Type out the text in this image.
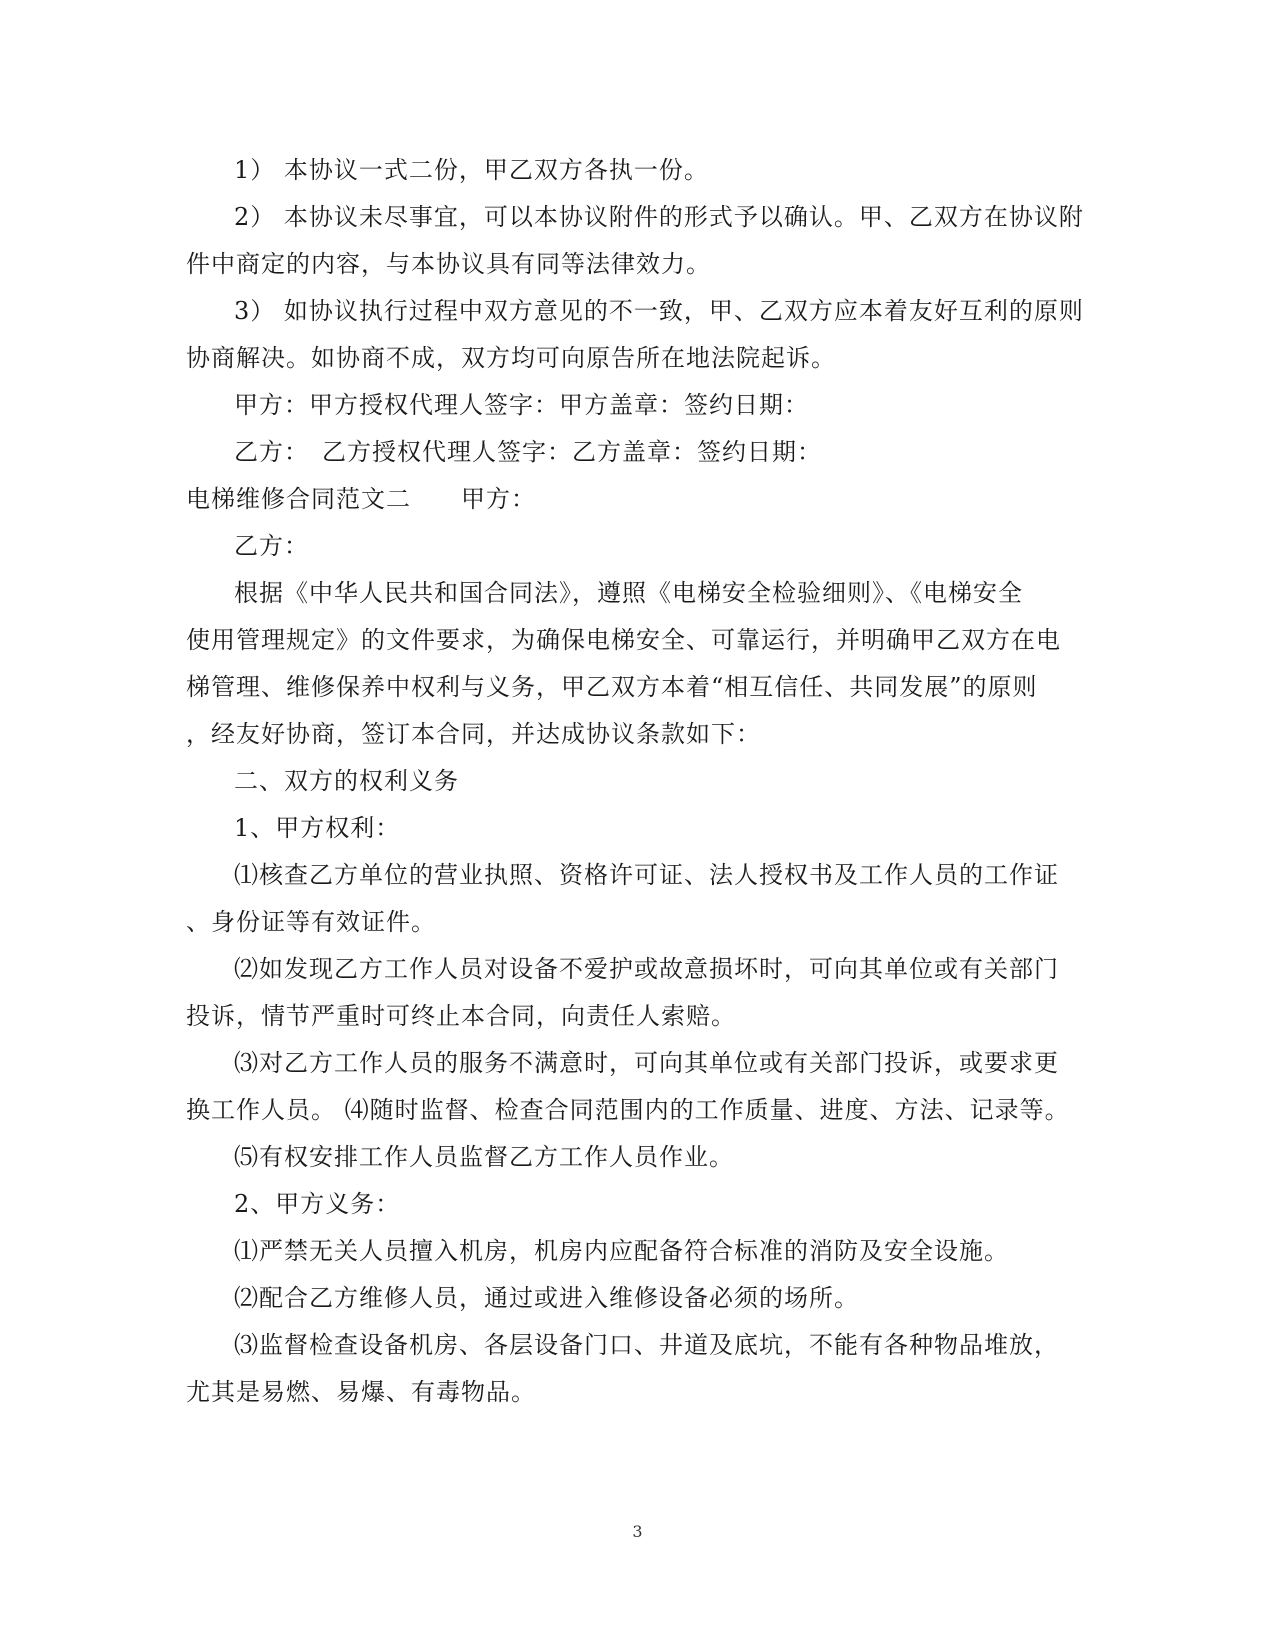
1） 本协议一式二份，甲乙双方各执一份。
2） 本协议未尽事宜，可以本协议附件的形式予以确认。甲、乙双方在协议附
件中商定的内容，与本协议具有同等法律效力。
3） 如协议执行过程中双方意见的不一致，甲、乙双方应本着友好互利的原则
协商解决。如协商不成，双方均可向原告所在地法院起诉。
甲方：甲方授权代理人签字：甲方盖章：签约日期：
乙方：　乙方授权代理人签字：乙方盖章：签约日期：
电梯维修合同范文二　　甲方：
乙方：
根据《中华人民共和国合同法》，遵照《电梯安全检验细则》、《电梯安全
使用管理规定》的文件要求，为确保电梯安全、可靠运行，并明确甲乙双方在电
梯管理、维修保养中权利与义务，甲乙双方本着“相互信任、共同发展”的原则
，经友好协商，签订本合同，并达成协议条款如下：
二、双方的权利义务
1、甲方权利：
⑴核查乙方单位的营业执照、资格许可证、法人授权书及工作人员的工作证
、身份证等有效证件。
⑵如发现乙方工作人员对设备不爱护或故意损坏时，可向其单位或有关部门
投诉，情节严重时可终止本合同，向责任人索赔。
⑶对乙方工作人员的服务不满意时，可向其单位或有关部门投诉，或要求更
换工作人员。 ⑷随时监督、检查合同范围内的工作质量、进度、方法、记录等。
⑸有权安排工作人员监督乙方工作人员作业。
2、甲方义务：
⑴严禁无关人员擅入机房，机房内应配备符合标准的消防及安全设施。
⑵配合乙方维修人员，通过或进入维修设备必须的场所。
⑶监督检查设备机房、各层设备门口、井道及底坑，不能有各种物品堆放，
尤其是易燃、易爆、有毒物品。
3
